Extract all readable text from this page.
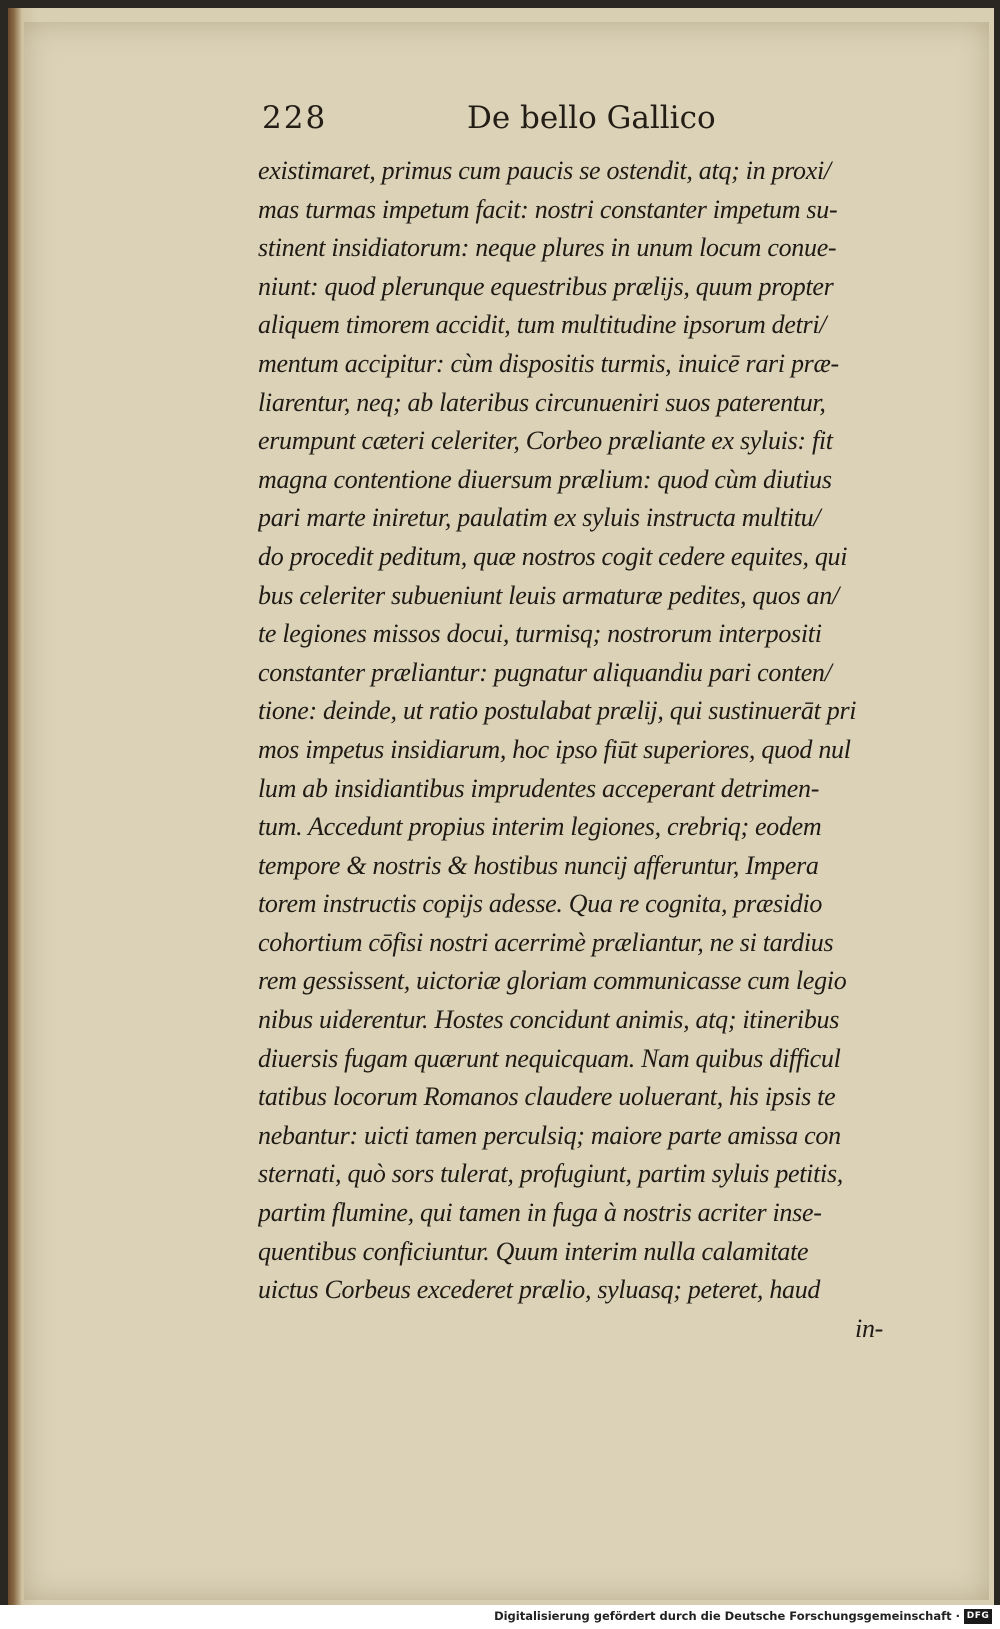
228	De bello Gallico
existimaret, primus cum paucis se ostendit, atq; in proxi/
mas turmas impetum facit: nostri constanter impetum su-
stinent insidiatorum: neque plures in unum locum conue-
niunt: quod plerunque equestribus prælijs, quum propter
aliquem timorem accidit, tum multitudine ipsorum detri/
mentum accipitur: cùm dispositis turmis, inuicē rari præ-
liarentur, neq; ab lateribus circunueniri suos paterentur,
erumpunt cæteri celeriter, Corbeo præliante ex syluis: fit
magna contentione diuersum prælium: quod cùm diutius
pari marte iniretur, paulatim ex syluis instructa multitu/
do procedit peditum, quæ nostros cogit cedere equites, qui
bus celeriter subueniunt leuis armaturæ pedites, quos an/
te legiones missos docui, turmisq; nostrorum interpositi
constanter præliantur: pugnatur aliquandiu pari conten/
tione: deinde, ut ratio postulabat prælij, qui sustinuerāt pri
mos impetus insidiarum, hoc ipso fiūt superiores, quod nul
lum ab insidiantibus imprudentes acceperant detrimen-
tum. Accedunt propius interim legiones, crebriq; eodem
tempore & nostris & hostibus nuncij afferuntur, Impera
torem instructis copijs adesse. Qua re cognita, præsidio
cohortium cōfisi nostri acerrimè præliantur, ne si tardius
rem gessissent, uictoriæ gloriam communicasse cum legio
nibus uiderentur. Hostes concidunt animis, atq; itineribus
diuersis fugam quærunt nequicquam. Nam quibus difficul
tatibus locorum Romanos claudere uoluerant, his ipsis te
nebantur: uicti tamen perculsiq; maiore parte amissa con
sternati, quò sors tulerat, profugiunt, partim syluis petitis,
partim flumine, qui tamen in fuga à nostris acriter inse-
quentibus conficiuntur. Quum interim nulla calamitate
uictus Corbeus excederet prælio, syluasq; peteret, haud
in-
Digitalisierung gefördert durch die Deutsche Forschungsgemeinschaft · DFG
